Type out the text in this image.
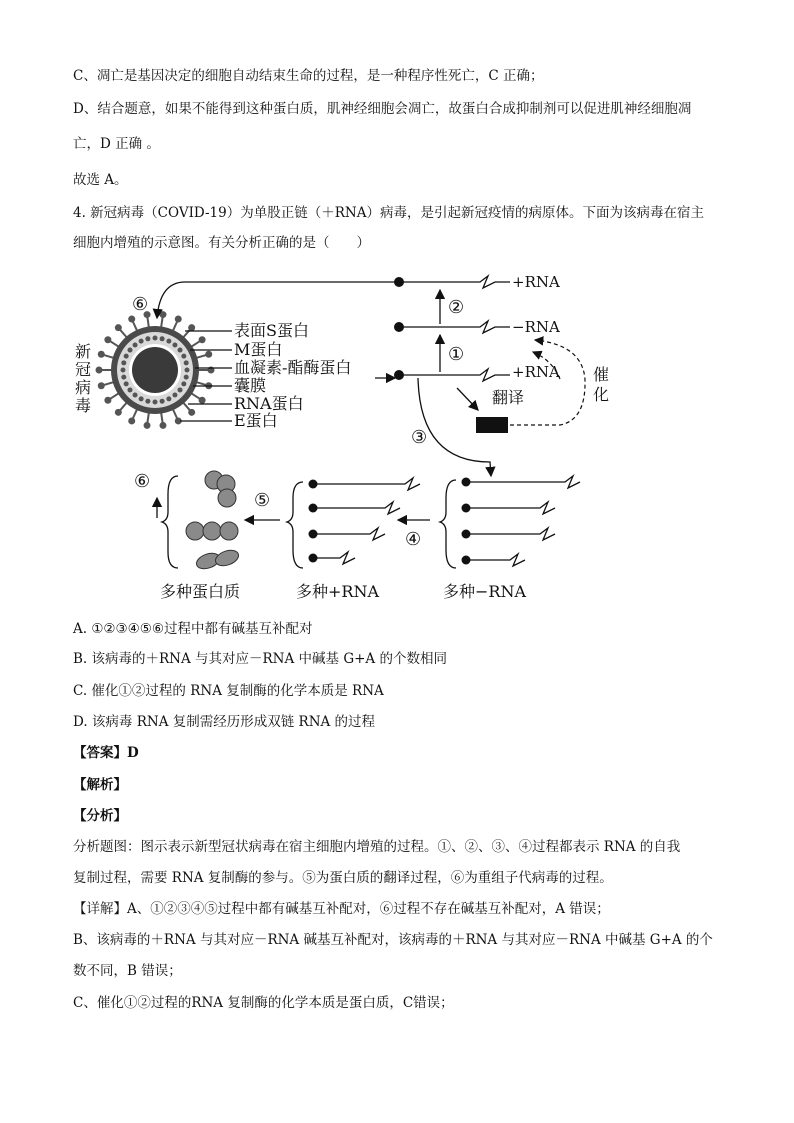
C、凋亡是基因决定的细胞自动结束生命的过程，是一种程序性死亡，C 正确；
D、结合题意，如果不能得到这种蛋白质，肌神经细胞会凋亡，故蛋白合成抑制剂可以促进肌神经细胞凋
亡，D 正确 。
故选 A。
4. 新冠病毒（COVID-19）为单股正链（＋RNA）病毒，是引起新冠疫情的病原体。下面为该病毒在宿主
细胞内增殖的示意图。有关分析正确的是（　　）
新
冠
病
毒
表面S蛋白
M蛋白
血凝素-酯酶蛋白
囊膜
RNA蛋白
E蛋白
+RNA
−RNA
+RNA
①
②
⑥
翻译
催
化
③
多种−RNA
④
多种+RNA
⑤
多种蛋白质
⑥
A. ①②③④⑤⑥过程中都有碱基互补配对
B. 该病毒的＋RNA 与其对应－RNA 中碱基 G+A 的个数相同
C. 催化①②过程的 RNA 复制酶的化学本质是 RNA
D. 该病毒 RNA 复制需经历形成双链 RNA 的过程
【答案】D
【解析】
【分析】
分析题图：图示表示新型冠状病毒在宿主细胞内增殖的过程。①、②、③、④过程都表示 RNA 的自我
复制过程，需要 RNA 复制酶的参与。⑤为蛋白质的翻译过程，⑥为重组子代病毒的过程。
【详解】A、①②③④⑤过程中都有碱基互补配对，⑥过程不存在碱基互补配对，A 错误；
B、该病毒的＋RNA 与其对应－RNA 碱基互补配对，该病毒的＋RNA 与其对应－RNA 中碱基 G+A 的个
数不同，B 错误；
C、催化①②过程的RNA 复制酶的化学本质是蛋白质，C错误；
